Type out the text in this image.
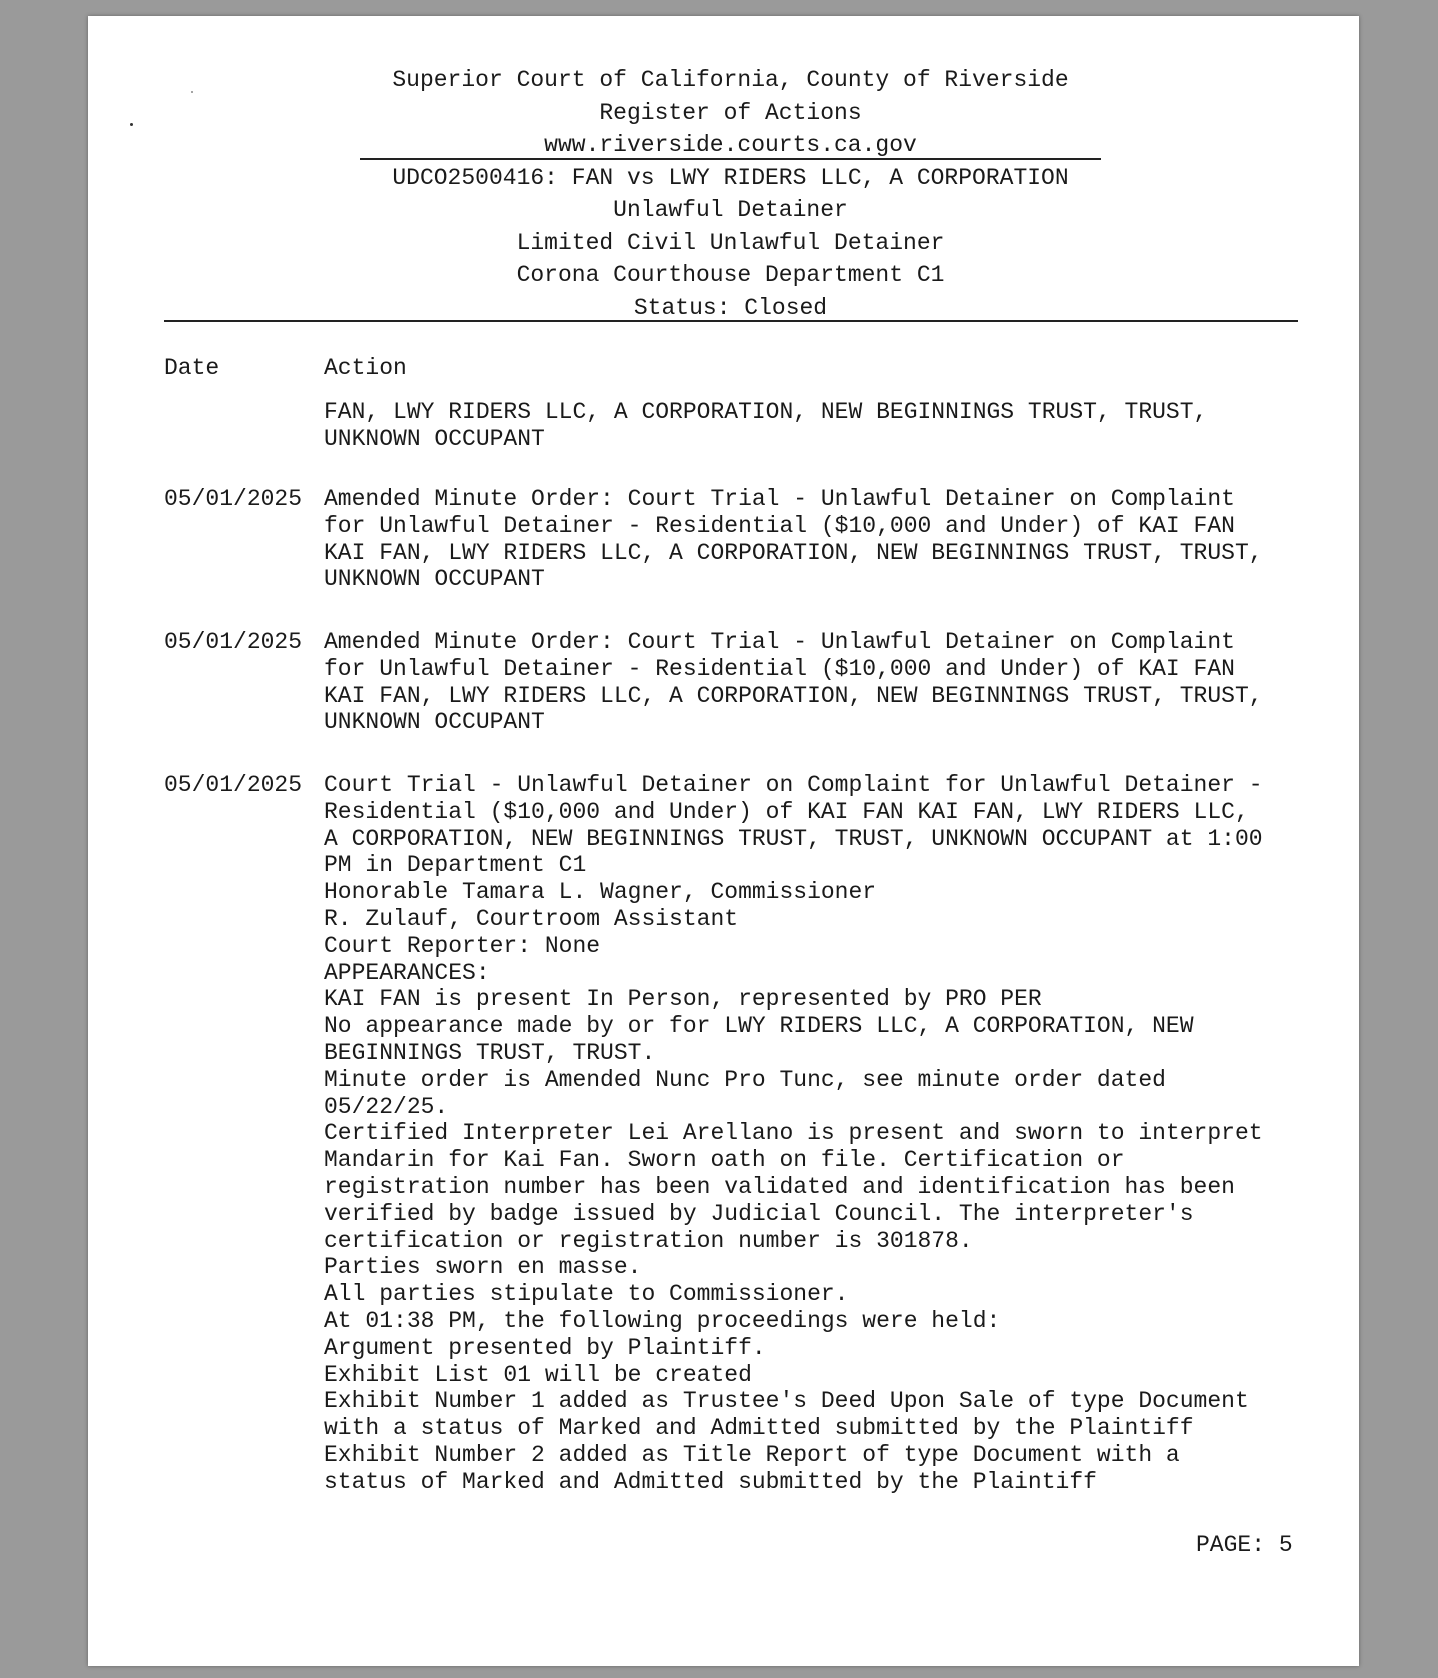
Superior Court of California, County of Riverside
Register of Actions
www.riverside.courts.ca.gov
UDCO2500416: FAN vs LWY RIDERS LLC, A CORPORATION
Unlawful Detainer
Limited Civil Unlawful Detainer
Corona Courthouse Department C1
Status: Closed
Date	Action
FAN, LWY RIDERS LLC, A CORPORATION, NEW BEGINNINGS TRUST, TRUST,
UNKNOWN OCCUPANT
05/01/2025 Amended Minute Order: Court Trial - Unlawful Detainer on Complaint
for Unlawful Detainer - Residential ($10,000 and Under) of KAI FAN
KAI FAN, LWY RIDERS LLC, A CORPORATION, NEW BEGINNINGS TRUST, TRUST,
UNKNOWN OCCUPANT
05/01/2025 Amended Minute Order: Court Trial - Unlawful Detainer on Complaint
for Unlawful Detainer - Residential ($10,000 and Under) of KAI FAN
KAI FAN, LWY RIDERS LLC, A CORPORATION, NEW BEGINNINGS TRUST, TRUST,
UNKNOWN OCCUPANT
05/01/2025 Court Trial - Unlawful Detainer on Complaint for Unlawful Detainer -
Residential ($10,000 and Under) of KAI FAN KAI FAN, LWY RIDERS LLC,
A CORPORATION, NEW BEGINNINGS TRUST, TRUST, UNKNOWN OCCUPANT at 1:00
PM in Department C1
Honorable Tamara L. Wagner, Commissioner
R. Zulauf, Courtroom Assistant
Court Reporter: None
APPEARANCES:
KAI FAN is present In Person, represented by PRO PER
No appearance made by or for LWY RIDERS LLC, A CORPORATION, NEW
BEGINNINGS TRUST, TRUST.
Minute order is Amended Nunc Pro Tunc, see minute order dated
05/22/25.
Certified Interpreter Lei Arellano is present and sworn to interpret
Mandarin for Kai Fan. Sworn oath on file. Certification or
registration number has been validated and identification has been
verified by badge issued by Judicial Council. The interpreter's
certification or registration number is 301878.
Parties sworn en masse.
All parties stipulate to Commissioner.
At 01:38 PM, the following proceedings were held:
Argument presented by Plaintiff.
Exhibit List 01 will be created
Exhibit Number 1 added as Trustee's Deed Upon Sale of type Document
with a status of Marked and Admitted submitted by the Plaintiff
Exhibit Number 2 added as Title Report of type Document with a
status of Marked and Admitted submitted by the Plaintiff
PAGE: 5
